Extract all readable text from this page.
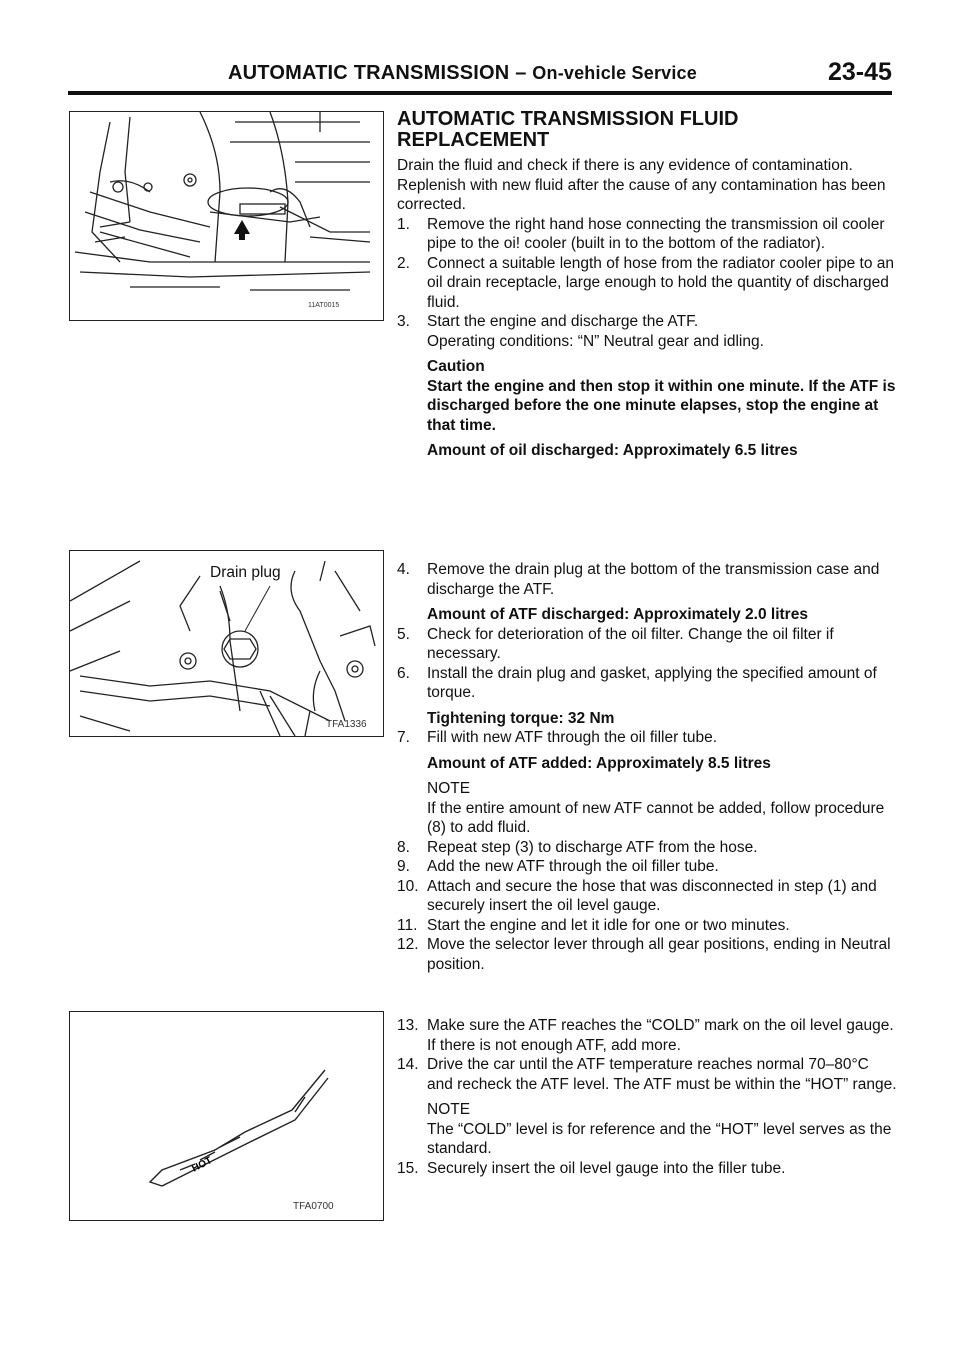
AUTOMATIC TRANSMISSION – On-vehicle Service	23-45
11AT0015
Drain plug
TFA1336
HOT
TFA0700
AUTOMATIC TRANSMISSION FLUID
REPLACEMENT

Drain the fluid and check if there is any evidence of contamination.

Replenish with new fluid after the cause of any contamination has been corrected.

1. Remove the right hand hose connecting the transmission oil cooler pipe to the oi! cooler (built in to the bottom of the radiator).
2. Connect a suitable length of hose from the radiator cooler pipe to an oil drain receptacle, large enough to hold the quantity of discharged fluid.
3. Start the engine and discharge the ATF.

Operating conditions: “N” Neutral gear and idling.

Caution

Start the engine and then stop it within one minute. If the ATF is discharged before the one minute elapses, stop the engine at that time.

Amount of oil discharged: Approximately 6.5 litres

4. Remove the drain plug at the bottom of the transmission case and discharge the ATF.

Amount of ATF discharged: Approximately 2.0 litres

5. Check for deterioration of the oil filter. Change the oil filter if necessary.
6. Install the drain plug and gasket, applying the specified amount of torque.

Tightening torque: 32 Nm

7. Fill with new ATF through the oil filler tube.

Amount of ATF added: Approximately 8.5 litres

NOTE

If the entire amount of new ATF cannot be added, follow procedure (8) to add fluid.

8. Repeat step (3) to discharge ATF from the hose.
9. Add the new ATF through the oil filler tube.
10. Attach and secure the hose that was disconnected in step (1) and securely insert the oil level gauge.
11. Start the engine and let it idle for one or two minutes.
12. Move the selector lever through all gear positions, ending in Neutral position.
13. Make sure the ATF reaches the “COLD” mark on the oil level gauge. If there is not enough ATF, add more.
14. Drive the car until the ATF temperature reaches normal 70–80°C and recheck the ATF level. The ATF must be within the “HOT” range.

NOTE

The “COLD” level is for reference and the “HOT” level serves as the standard.

15. Securely insert the oil level gauge into the filler tube.
